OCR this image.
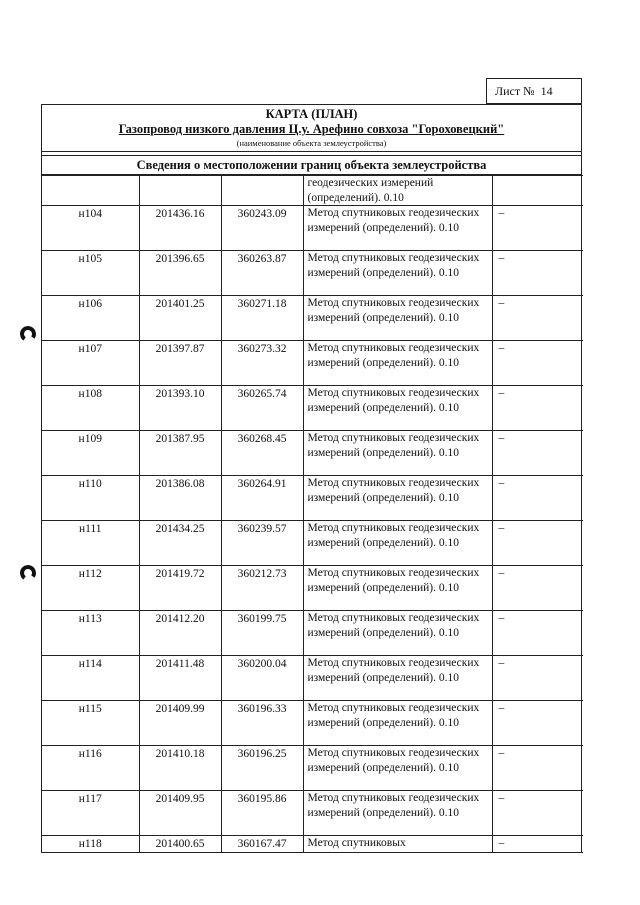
Лист № 14
КАРТА (ПЛАН)
Газопровод низкого давления Ц.у. Арефино совхоза "Гороховецкий"
(наименование объекта землеустройства)
Сведения о местоположении границ объекта землеустройства
			геодезических измерений (определений). 0.10	
н104	201436.16	360243.09	Метод спутниковых геодезических измерений (определений). 0.10	–
н105	201396.65	360263.87	Метод спутниковых геодезических измерений (определений). 0.10	–
н106	201401.25	360271.18	Метод спутниковых геодезических измерений (определений). 0.10	–
н107	201397.87	360273.32	Метод спутниковых геодезических измерений (определений). 0.10	–
н108	201393.10	360265.74	Метод спутниковых геодезических измерений (определений). 0.10	–
н109	201387.95	360268.45	Метод спутниковых геодезических измерений (определений). 0.10	–
н110	201386.08	360264.91	Метод спутниковых геодезических измерений (определений). 0.10	–
н111	201434.25	360239.57	Метод спутниковых геодезических измерений (определений). 0.10	–
н112	201419.72	360212.73	Метод спутниковых геодезических измерений (определений). 0.10	–
н113	201412.20	360199.75	Метод спутниковых геодезических измерений (определений). 0.10	–
н114	201411.48	360200.04	Метод спутниковых геодезических измерений (определений). 0.10	–
н115	201409.99	360196.33	Метод спутниковых геодезических измерений (определений). 0.10	–
н116	201410.18	360196.25	Метод спутниковых геодезических измерений (определений). 0.10	–
н117	201409.95	360195.86	Метод спутниковых геодезических измерений (определений). 0.10	–
н118	201400.65	360167.47	Метод спутниковых	–
